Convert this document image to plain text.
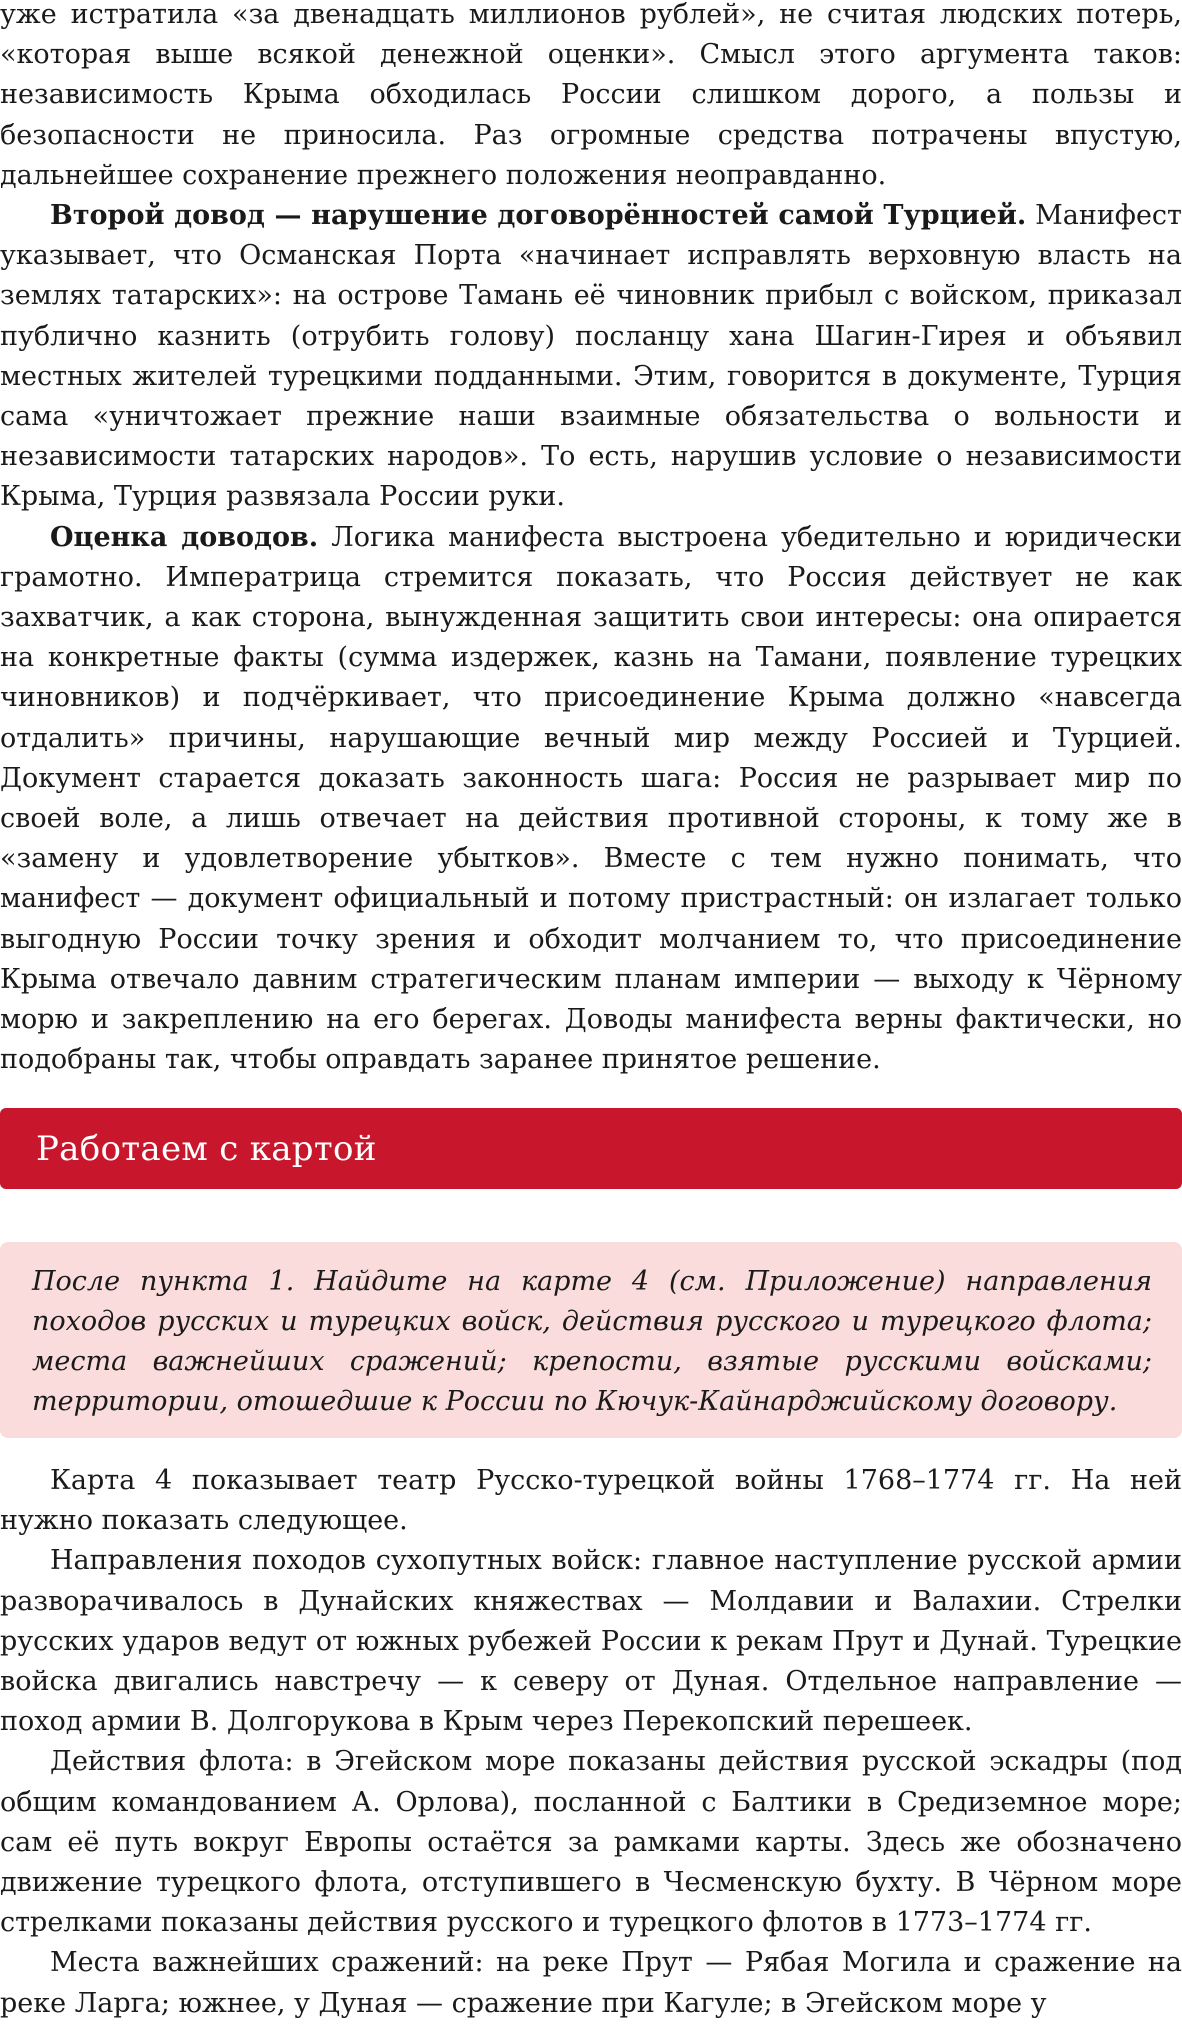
уже истратила «за двенадцать миллионов рублей», не считая людских потерь, «которая выше всякой денежной оценки». Смысл этого аргумента таков: независимость Крыма обходилась России слишком дорого, а пользы и безопасности не приносила. Раз огромные средства потрачены впустую, дальнейшее сохранение прежнего положения неоправданно.

Второй довод — нарушение договорённостей самой Турцией. Манифест указывает, что Османская Порта «начинает исправлять верховную власть на землях татарских»: на острове Тамань её чиновник прибыл с войском, приказал публично казнить (отрубить голову) посланцу хана Шагин-Гирея и объявил местных жителей турецкими подданными. Этим, говорится в документе, Турция сама «уничтожает прежние наши взаимные обязательства о вольности и независимости татарских народов». То есть, нарушив условие о независимости Крыма, Турция развязала России руки.

Оценка доводов. Логика манифеста выстроена убедительно и юридически грамотно. Императрица стремится показать, что Россия действует не как захватчик, а как сторона, вынужденная защитить свои интересы: она опирается на конкретные факты (сумма издержек, казнь на Тамани, появление турецких чиновников) и подчёркивает, что присоединение Крыма должно «навсегда отдалить» причины, нарушающие вечный мир между Россией и Турцией. Документ старается доказать законность шага: Россия не разрывает мир по своей воле, а лишь отвечает на действия противной стороны, к тому же в «замену и удовлетворение убытков». Вместе с тем нужно понимать, что манифест — документ официальный и потому пристрастный: он излагает только выгодную России точку зрения и обходит молчанием то, что присоединение Крыма отвечало давним стратегическим планам империи — выходу к Чёрному морю и закреплению на его берегах. Доводы манифеста верны фактически, но подобраны так, чтобы оправдать заранее принятое решение.

Работаем с картой

После пункта 1. Найдите на карте 4 (см. Приложение) направления походов русских и турецких войск, действия русского и турецкого флота; места важнейших сражений; крепости, взятые русскими войсками; территории, отошедшие к России по Кючук-Кайнарджийскому договору.

Карта 4 показывает театр Русско-турецкой войны 1768–1774 гг. На ней нужно показать следующее.

Направления походов сухопутных войск: главное наступление русской армии разворачивалось в Дунайских княжествах — Молдавии и Валахии. Стрелки русских ударов ведут от южных рубежей России к рекам Прут и Дунай. Турецкие войска двигались навстречу — к северу от Дуная. Отдельное направление — поход армии В. Долгорукова в Крым через Перекопский перешеек.

Действия флота: в Эгейском море показаны действия русской эскадры (под общим командованием А. Орлова), посланной с Балтики в Средиземное море; сам её путь вокруг Европы остаётся за рамками карты. Здесь же обозначено движение турецкого флота, отступившего в Чесменскую бухту. В Чёрном море стрелками показаны действия русского и турецкого флотов в 1773–1774 гг.

Места важнейших сражений: на реке Прут — Рябая Могила и сражение на реке Ларга; южнее, у Дуная — сражение при Кагуле; в Эгейском море у
